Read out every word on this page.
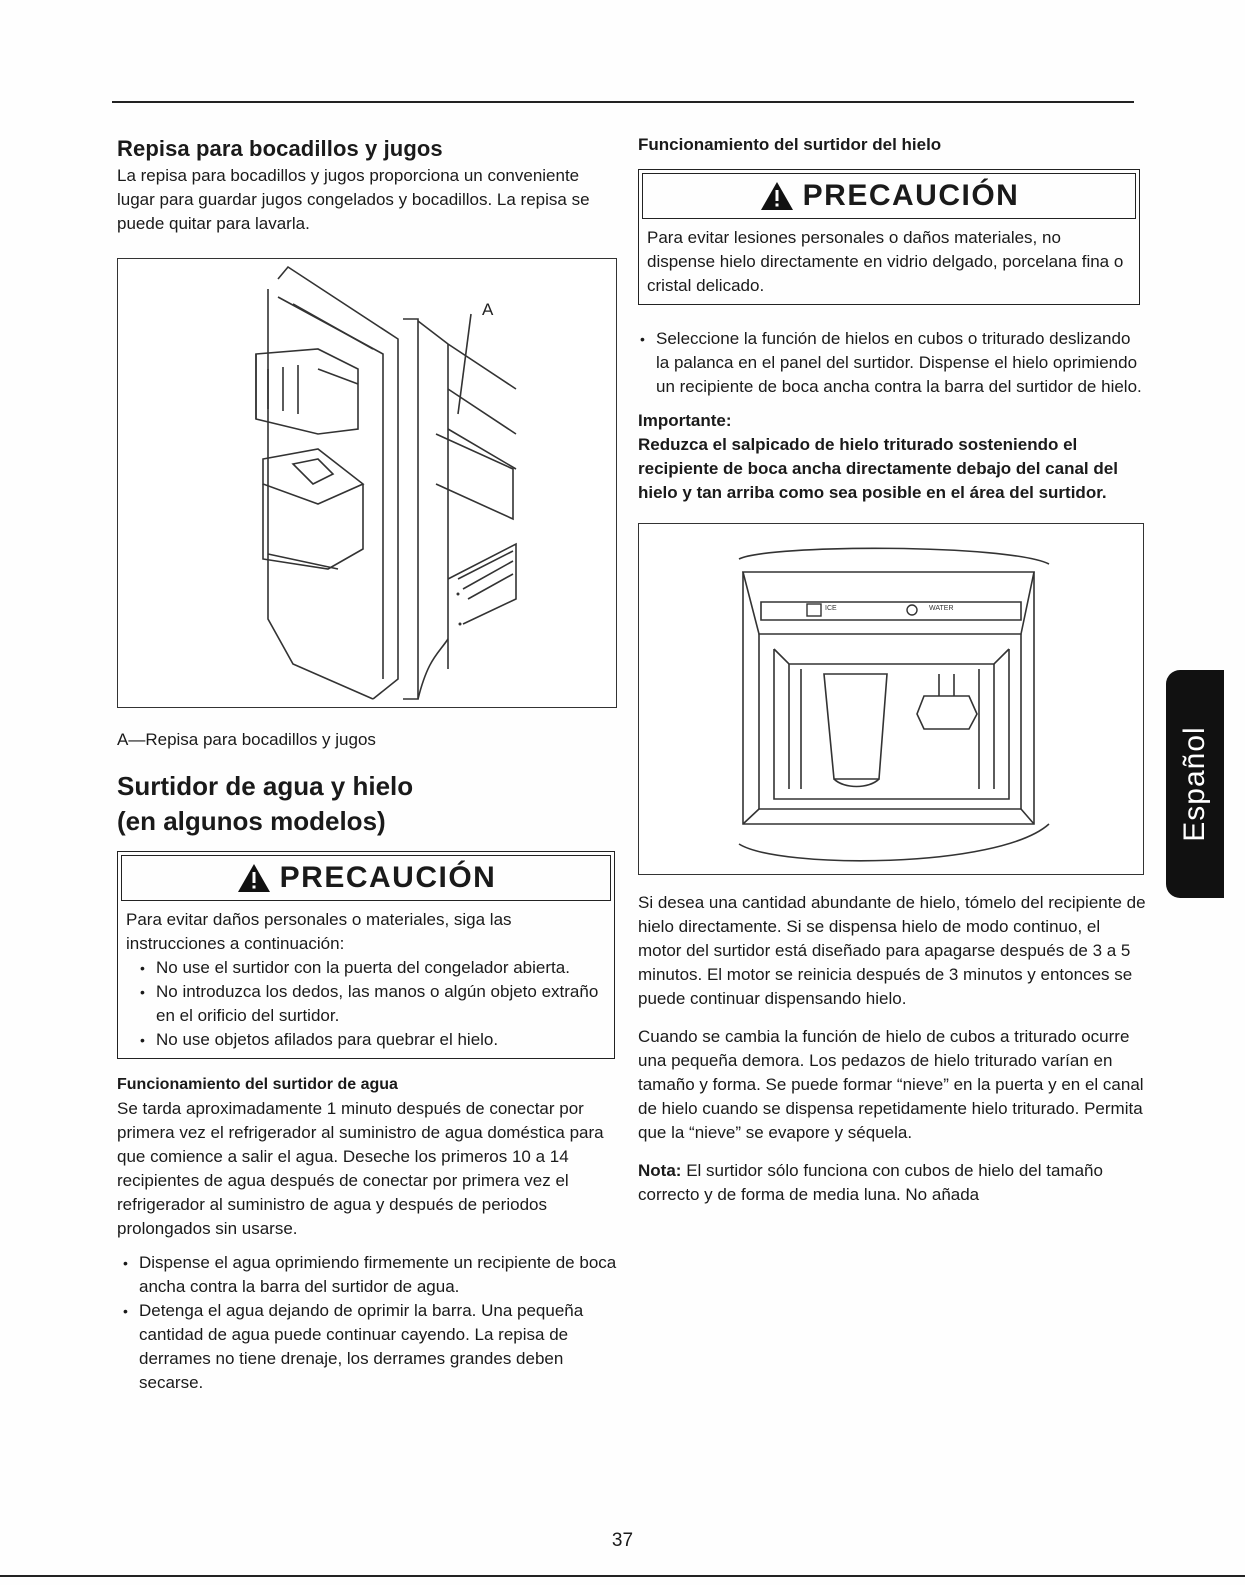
Repisa para bocadillos y jugos

La repisa para bocadillos y jugos proporciona un conveniente lugar para guardar jugos congelados y bocadillos. La repisa se puede quitar para lavarla.

A

A—Repisa para bocadillos y jugos

Surtidor de agua y hielo
(en algunos modelos)
PRECAUCIÓN

Para evitar daños personales o materiales, siga las instrucciones a continuación:

• No use el surtidor con la puerta del congelador abierta.
• No introduzca los dedos, las manos o algún objeto extraño en el orificio del surtidor.
• No use objetos afilados para quebrar el hielo.

Funcionamiento del surtidor de agua

Se tarda aproximadamente 1 minuto después de conectar por primera vez el refrigerador al suministro de agua doméstica para que comience a salir el agua. Deseche los primeros 10 a 14 recipientes de agua después de conectar por primera vez el refrigerador al suministro de agua y después de periodos prolongados sin usarse.

• Dispense el agua oprimiendo firmemente un recipiente de boca ancha contra la barra del surtidor de agua.
• Detenga el agua dejando de oprimir la barra. Una pequeña cantidad de agua puede continuar cayendo. La repisa de derrames no tiene drenaje, los derrames grandes deben secarse.

Funcionamiento del surtidor del hielo

PRECAUCIÓN

Para evitar lesiones personales o daños materiales, no dispense hielo directamente en vidrio delgado, porcelana fina o cristal delicado.

• Seleccione la función de hielos en cubos o triturado deslizando la palanca en el panel del surtidor. Dispense el hielo oprimiendo un recipiente de boca ancha contra la barra del surtidor de hielo.

Importante:

Reduzca el salpicado de hielo triturado sosteniendo el recipiente de boca ancha directamente debajo del canal del hielo y tan arriba como sea posible en el área del surtidor.

ICE	WATER

Si desea una cantidad abundante de hielo, tómelo del recipiente de hielo directamente. Si se dispensa hielo de modo continuo, el motor del surtidor está diseñado para apagarse después de 3 a 5 minutos. El motor se reinicia después de 3 minutos y entonces se puede continuar dispensando hielo.

Cuando se cambia la función de hielo de cubos a triturado ocurre una pequeña demora. Los pedazos de hielo triturado varían en tamaño y forma. Se puede formar “nieve” en la puerta y en el canal de hielo cuando se dispensa repetidamente hielo triturado. Permita que la “nieve” se evapore y séquela.

Nota: El surtidor sólo funciona con cubos de hielo del tamaño correcto y de forma de media luna. No añada

Español
37
